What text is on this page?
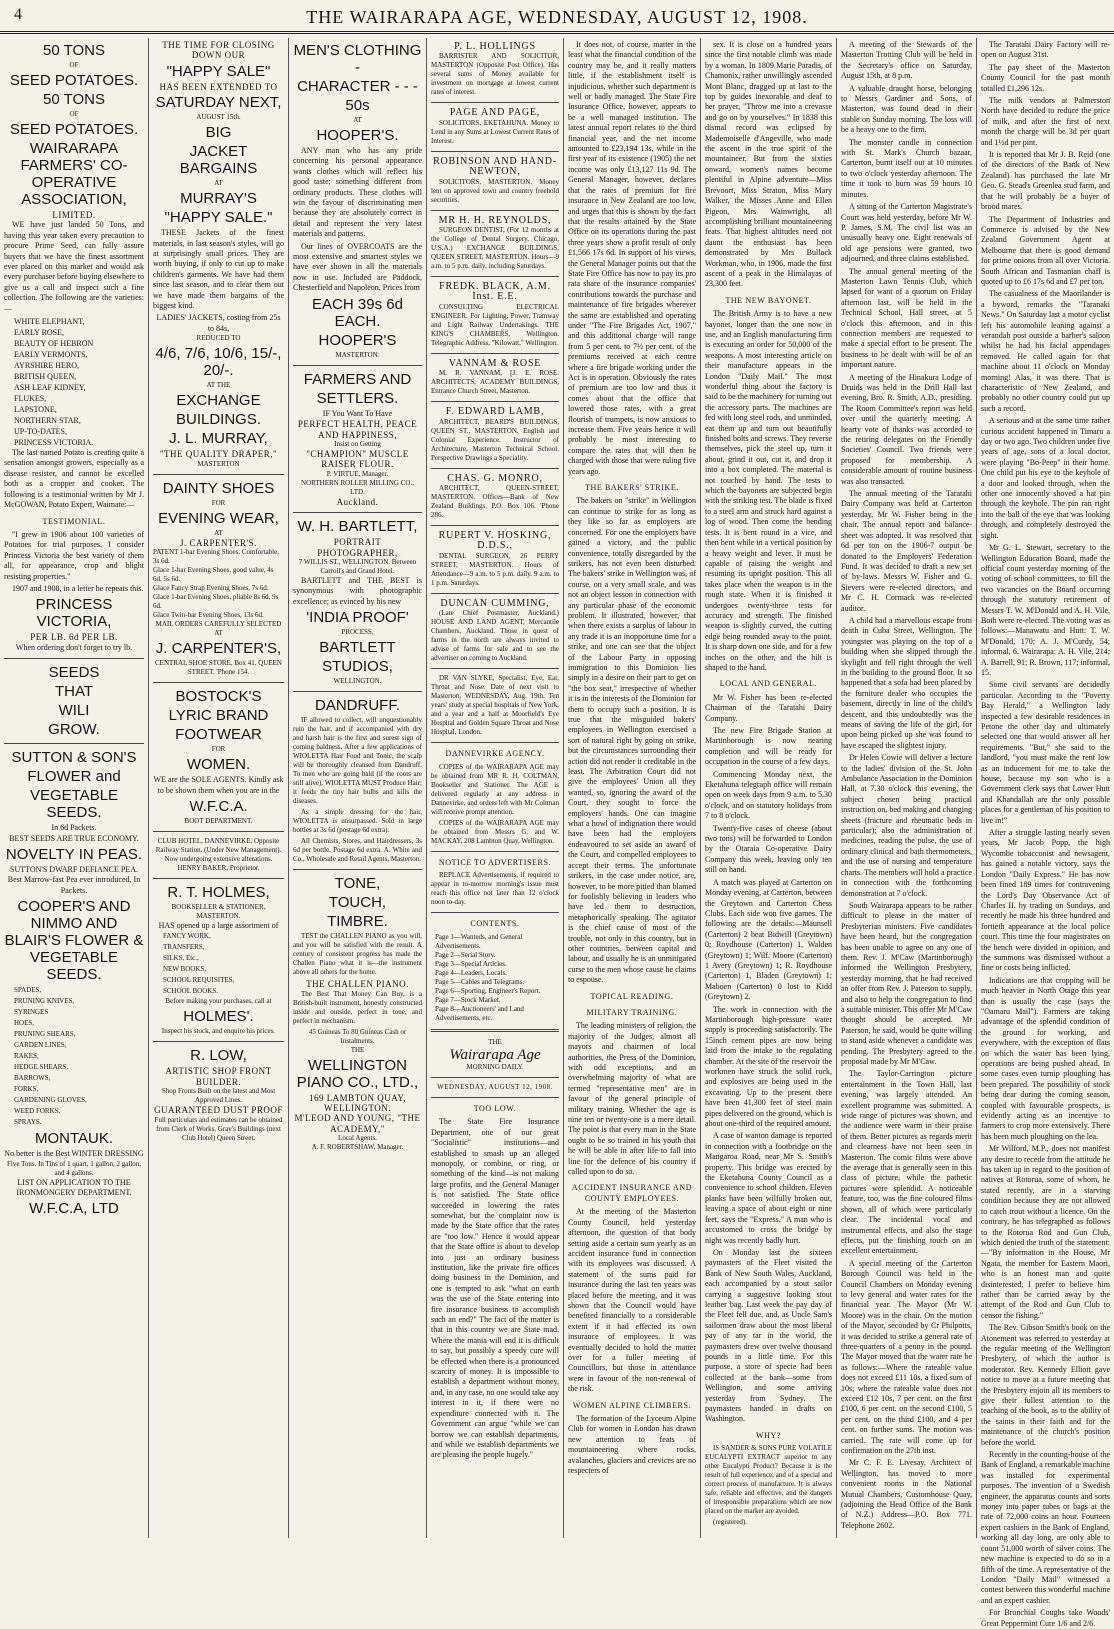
4	THE WAIRARAPA AGE, WEDNESDAY, AUGUST 12, 1908.
50 TONS
OF
SEED POTATOES.
50 TONS
OF
SEED POTATOES.
WAIRARAPA FARMERS' CO-OPERATIVE ASSOCIATION,
LIMITED.

WE have just landed 50 Tons, and having this year taken every precaution to procure Prime Seed, can fully assure buyers that we have the finest assortment ever placed on this market and would ask every purchaser before buying elsewhere to give us a call and inspect such a fine collection. The following are the varieties:—

WHITE ELEPHANT,
EARLY ROSE,
BEAUTY OF HEBRON
EARLY VERMONTS,
AYRSHIRE HERO,
BRITISH QUEEN,
ASH LEAF KIDNEY,
FLUKES,
LAPSTONE,
NORTHERN STAR,
UP-TO-DATES,
PRINCESS VICTORIA.

The last named Potato is creating quite a sensation amongst growers, especially as a disease resister, and cannot be excelled both as a cropper and cooker. The following is a testimonial written by Mr J. McGOWAN, Potato Expert, Waimate:—

TESTIMONIAL.

"I grew in 1906 about 100 varieties of Potatoes for trial purposes. I consider Princess Victoria the best variety of them all, for appearance, crop and blight resisting properties."

1907 and 1908, in a letter he repeats this.

PRINCESS VICTORIA,
PER LB. 6d PER LB.
When ordering don't forget to try lb.
SEEDS
THAT
WILI
GROW.
SUTTON & SON'S
FLOWER and
VEGETABLE SEEDS.
In 6d Packets.
BEST SEEDS ARE TRUE ECONOMY.
NOVELTY IN PEAS.
SUTTON'S DWARF DEFIANCE PEA.
Best Marrow-fast Pea ever introduced, In Packets.
COOPER'S AND NIMMO AND BLAIR'S FLOWER & VEGETABLE SEEDS.
SPADES,
PRUNING KNIVES,
SYRINGES
HOES,
PRUNING SHEARS,
GARDEN LINES,
RAKES,
HEDGE SHEARS,
BARROWS,
FORKS,
GARDENING GLOVES,
WEED FORKS,
SPRAYS.
MONTAUK.
No better is the Best WINTER DRESSING
Five Tons. In Tins of 1 quart, 1 gallon, 2 gallon, and 4 gallons.
LIST ON APPLICATION TO THE IRONMONGERY DEPARTMENT.
W.F.C.A, LTD
THE TIME FOR CLOSING DOWN OUR
"HAPPY SALE"
HAS BEEN EXTENDED TO
SATURDAY NEXT,
AUGUST 15th.
BIG
JACKET BARGAINS
AT
MURRAY'S
"HAPPY SALE."

THESE Jackets of the finest materials, in last season's styles, will go at surprisingly small prices. They are worth buying, if only to cut up to make children's garments. We have had them since last season, and to clear them out we have made them bargains of the biggest kind.

LADIES' JACKETS, costing from 25s to 84s,
REDUCED TO
4/6, 7/6, 10/6, 15/-, 20/-.
AT THE
EXCHANGE
BUILDINGS.
J. L. MURRAY,
"THE QUALITY DRAPER,"
MASTERTON
DAINTY SHOES
FOR
EVENING WEAR,
AT
J. CARPENTER'S.
PATENT 1-bar Evening Shoes, Comfortable, 3s 6d.
Glace 1-bar Evening Shoes, good value, 4s 6d, 5s 6d.
Glace Fancy Strap Evening Shoes, 7s 6d.
Glace 1-bar Evening Shoes, pliable 8s 6d, 9s 6d.
Glace Twin-bar Evening Shoes, 13s 6d.
MAIL ORDERS CAREFULLY SELECTED AT
J. CARPENTER'S,
CENTRAL SHOE STORE, Box 41. QUEEN STREET. 'Phone 154.
BOSTOCK'S
LYRIC BRAND
FOOTWEAR
FOR
WOMEN.
WE are the SOLE AGENTS. Kindly ask to be shown them when you are in the
W.F.C.A.
BOOT DEPARTMENT.
CLUB HOTEL, DANNEVIRKE. Opposite Railway Station. (Under New Management). Now undergoing extensive alterations. HENRY BAKER, Proprietor.
R. T. HOLMES,
BOOKSELLER & STATIONER, MASTERTON.
HAS opened up a large assortment of
FANCY WORK,
TRANSFERS,
SILKS, Etc.,
NEW BOOKS,
SCHOOL REQUISITES,
SCHOOL BOOKS.
Before making your purchases, call at
HOLMES'.
Inspect his stock, and enquire his prices.
R. LOW,
ARTISTIC SHOP FRONT BUILDER.
Shop Fronts Built on the latest and Most Approved Lines.
GUARANTEED DUST PROOF
Full particulars and estimates can be obtained from Clerk of Works, Gray's Buildings (next Club Hotel) Queen Street.
MEN'S CLOTHING -
CHARACTER - - -
50s
AT
HOOPER'S.

ANY man who has any pride concerning his personal appearance wants clothes which will reflect his good taste; something different from ordinary products. These clothes will win the favour of discriminating men because they are absolutely correct in detail and represent the very latest materials and patterns.

Our lines of OVERCOATS are the most extensive and smartest styles we have ever shown in all the materials now in use. Included are Paddock, Chesterfield and Napoleon. Prices from

EACH 39s 6d EACH.
HOOPER'S
MASTERTON.
FARMERS AND
SETTLERS.
IF You Want To Have
PERFECT HEALTH, PEACE AND HAPPINESS,
Insist on Getting
"CHAMPION" MUSCLE RAISER FLOUR.
P. VIRTUE, Manager.
NORTHERN ROLLER MILLING CO., LTD.
Auckland.
W. H. BARTLETT,
PORTRAIT PHOTOGRAPHER,
7 WILLIS ST., WELLINGTON. Between Carroll's and Grand Hotel.

BARTLETT and THE BEST is synonymous with photographic excellence; as evinced by his new

'INDIA PROOF'
PROCESS.
BARTLETT
STUDIOS,
WELLINGTON.
DANDRUFF.

IF allowed to collect, will unquestionably ruin the hair, and if accompanied with dry and harsh hair is the first and surest sign of coming baldness. After a few applications of WIOLETTA Hair Food and Tonic, the scalp will be thoroughly cleansed from Dandruff. To men who are going bald (if the roots are still alive), WIOLETTA MUST Produce Hair; it feeds the tiny hair bulbs and kills the diseases.

As a simple dressing for the hair, WIOLETTA is unsurpassed. Sold in large bottles at 3s 6d (postage 6d extra).

All Chemists, Stores, and Hairdressers, 3s 6d per bottle. Postage 6d extra. A. White and Co., Wholesale and Retail Agents, Masterton.

TONE,
TOUCH,
TIMBRE.

TEST the CHALLEN PIANO as you will, and you will be satisfied with the result. A century of consistent progress has made the Challen Piano what it is—the instrument above all others for the home.

THE CHALLEN PIANO.

The Best That Money Can Buy, is a British-built instrument, honestly constructed inside and outside, perfect in tone, and perfect in mechanism.

45 Guineas To 80 Guineas Cash or Instalments.
THE
WELLINGTON PIANO CO., LTD.,
169 LAMBTON QUAY,
WELLINGTON.
M'LEOD AND YOUNG, "THE ACADEMY,"
Local Agents.
A. F. ROBERTSHAW, Manager.
P. L. HOLLINGS

BARRISTER AND SOLICITOR, MASTERTON (Opposite Post Office). Has several sums of Money available for investment on mortgage at lowest current rates of interest.

PAGE AND PAGE,

SOLICITORS, EKETAHUNA. Money to Lend in any Sums at Lowest Current Rates of Interest.

ROBINSON AND HAND-NEWTON,

SOLICITORS, MASTERTON. Money lent on approved town and country freehold securities.

MR H. H. REYNOLDS,

SURGEON DENTIST, (For 12 months at the College of Dental Surgery, Chicago, U.S.A.) EXCHANGE BUILDINGS, QUEEN STREET, MASTERTON. Hours—9 a.m. to 5 p.m. daily, including Saturdays.

FREDK. BLACK, A.M. Inst. E.E.

CONSULTING ELECTRICAL ENGINEER. For Lighting, Power, Tramway and Light Railway Undertakings. THE KING'S CHAMBERS, Wellington. Telegraphic Address, "Kilowatt," Wellington.

VANNAM & ROSE

M. R. VANNAM, [J. E. ROSE. ARCHITECTS, ACADEMY BUILDINGS, Entrance Church Street, Masterton.

F. EDWARD LAMB,

ARCHITECT, BEARD'S BUILDINGS, QUEEN ST., MASTERTON. English and Colonial Experience. Instructor of Architecture, Masterton Technical School. Perspective Drawings a Speciality.

CHAS. G. MONRO,

ARCHITECT, QUEEN-STREET, MASTERTON. Offices—Bank of New Zealand Buildings. P.O. Box 106. 'Phone 286.

RUPERT V. HOSKING, D.D.S.,

DENTAL SURGEON, 26 PERRY STREET, MASTERTON. Hours of Attendance—9 a.m. to 5 p.m. daily. 9 a.m. to 1 p.m. Saturdays.

DUNCAN CUMMING,

(Late Chief Postmaster, Auckland.) HOUSE AND LAND AGENT, Mercantile Chambers, Auckland. Those in quest of farms in the north are always invited to advise of farms for sale and to see the advertiser on coming to Auckland.

DR VAN SLYKE, Specialist, Eye, Ear, Throat and Nose. Date of next visit to Masterton, WEDNESDAY, Aug. 19th. Ten years' study at special hospitals of New York, and a year and a half at Moorfield's Eye Hospital and Golden Square Throat and Nose Hospital, London.

DANNEVIRKE AGENCY.

COPIES of the WAIRARAPA AGE may be obtained from MR R. H. COLTMAN, Bookseller and Stationer. The AGE is delivered regularly at any address in Dannevirke, and orders left with Mr Coltman will receive prompt attention.

COPIES of the WAIRARAPA AGE may be obtained from Messrs G. and W. MACKAY, 208 Lambton Quay, Wellington.

NOTICE TO ADVERTISERS.

REPLACE Advertisements, if required to appear in to-morrow morning's issue must reach this office not later than 12 o'clock noon to-day.

CONTENTS.
Page 1—Wanteds, and General Advertisements.
Page 2—Serial Story.
Page 3—Special Articles.
Page 4—Leaders, Locals.
Page 5—Cables and Telegrams.
Page 6—Sporting, Engineer's Report.
Page 7—Stock Market.
Page 8—Auctioneers' and Land Advertisements, etc.
THE
Wairarapa Age
MORNING DAILY.
WEDNESDAY, AUGUST 12, 1908.
TOO LOW.

The State Fire Insurance Department, one of our great "Socialistic" institutions—and established to smash up an alleged monopoly, or combine, or ring, or something of the kind—is not making large profits, and the General Manager is not satisfied. The State office succeeded in lowering the rates somewhat, but the complaint now is made by the State office that the rates are "too low." Hence it would appear that the State office is about to develop into just an ordinary business institution, like the private fire offices doing business in the Dominion, and one is tempted to ask "what on earth was the use of the State entering into fire insurance business to accomplish such an end?" The fact of the matter is that in this country we are State mad. Where the mania will end it is difficult to say, but possibly a speedy cure will be effected when there is a pronounced scarcity of money. It is impossible to establish a department without money, and, in any case, no one would take any interest in it, if there were no expenditure connected with it. The Government can argue "while we can borrow we can establish departments, and while we establish departments we are pleasing the people hugely."

It does not, of course, matter in the least what the financial condition of the country may be, and it really matters little, if the establishment itself is injudicious, whether such department is well or badly managed. The State Fire Insurance Office, however, appears to be a well managed institution. The latest annual report relates to the third financial year, and the net income amounted to £23,194 13s, while in the first year of its existence (1905) the net income was only £13,127 11s 9d. The General Manager, however, declares that the rates of premium for fire insurance in New Zealand are too low, and urges that this is shown by the fact that the results attained by the State Office on its operations during the past three years show a profit result of only £1,566 17s 6d. In support of his views, the General Manager points out that the State Fire Office has now to pay its pro rata share of the insurance companies' contributions towards the purchase and maintenance of fire brigades wherever the same are established and operating under "The Fire Brigades Act, 1907," and this additional charge will range from 5 per cent. to 7½ per cent. of the premiums received at each centre where a fire brigade working under the Act is in operation. Obviously the rates of premium are too low and thus it comes about that the office that lowered those rates, with a great flourish of trumpets, is now anxious to increase them. Five years hence it will probably be most interesting to compare the rates that will then be charged with those that were ruling five years ago.

THE BAKERS' STRIKE.

The bakers on "strike" in Wellington can continue to strike for as long as they like so far as employers are concerned. For one the employers have gained a victory, and the public convenience, totally disregarded by the strikers, has not even been disturbed. The bakers' strike in Wellington was, of course, on a very small scale, and was not an object lesson in connection with any particular phase of the economic problem. It illustrated, however, that when there exists a surplus of labour in any trade it is an inopportune time for a strike, and one can see that the object of the Labour Party in opposing immigration to this Dominion lies simply in a desire on their part to get on "the box seat," irrespective of whether it is in the interests of the Dominion for them to occupy such a position. It is true that the misguided bakers' employees in Wellington exercised a sort of natural right by going on strike, but the circumstances surrounding their action did not render it creditable in the least. The Arbitration Court did not give the employees' Union all they wanted, so, ignoring the award of the Court, they sought to force the employers' hands. One can imagine what a howl of indignation there would have been had the employers endeavoured to set aside an award of the Court, and compelled employees to accept their terms. The unfortunate strikers, in the case under notice, are, however, to be more pitied than blamed for foolishly believing in leaders who have led them to destruction, metaphorically speaking. The agitator is the chief cause of most of the trouble, not only in this country, but in other countries, between capital and labour, and usually he is an unmitigated curse to the men whose cause he claims to espouse.

TOPICAL READING.
MILITARY TRAINING.

The leading ministers of religion, the majority of the Judges, almost all mayors and chairmen of local authorities, the Press of the Dominion, with odd exceptions, and an overwhelming majority of what are termed "representative men" are in favour of the general principle of military training. Whether the age is nine ten or twenty-one is a mere detail. The point is that every man in the State ought to be so trained in his youth that he will be able in after life to fall into line for the defence of his country if called upon to do so.

ACCIDENT INSURANCE AND COUNTY EMPLOYEES.

At the meeting of the Masterton County Council, held yesterday afternoon, the question of that body setting aside a certain sum yearly as an accident insurance fund in connection with its employees was discussed. A statement of the sums paid for insurance during the last ten years was placed before the meeting, and it was shown that the Council would have benefited financially to a considerable extent if it had effected its own insurance of employees. It was eventually decided to hold the matter over for a fuller meeting of Councillors, but those in attendance were in favour of the non-renewal of the risk.

WOMEN ALPINE CLIMBERS.

The formation of the Lyceum Alpine Club for women in London has drawn new attention to feats of mountaineering where rocks, avalanches, glaciers and crevices are no respecters of

sex. It is close on a hundred years since the first notable climb was made by a woman. In 1809 Marie Paradis, of Chamonix, rather unwillingly ascended Mont Blanc, dragged up at last to the top by guides inexorable and deaf to her prayer, "Throw me into a crevasse and go on by yourselves." In 1838 this dismal record was eclipsed by Mademoiselle d'Angeville, who made the ascent in the true spirit of the mountaineer. But from the sixties onward, women's names become plentiful in Alpine adventure—Miss Brevoort, Miss Straton, Miss Mary Walker, the Misses Anne and Ellen Pigeon, Mrs Wainwright, all accomplishing brilliant mountaineering feats. That highest altitudes need not daunt the enthusiast has been demonstrated by Mrs Bullock Workman, who, in 1906, made the first ascent of a peak in the Himalayas of 23,300 feet.

THE NEW BAYONET.

The British Army is to have a new bayonet, longer than the one now in use, and an English manufacturing firm is executing an order for 50,000 of the weapons. A most interesting article on their manufacture appears in the London "Daily Mail." The most wonderful thing about the factory is said to be the machinery for turning out the accessory parts. The machines are fed with long steel rods, and unminded, eat them up and turn out beautifully finished bolts and screws. They reverse themselves, pick the steel up, turn it about, grind it out, cut it, and drop it into a box completed. The material is not touched by hand. The tests to which the bayonets are subjected begin with the striking test. The blade is fixed to a steel arm and struck hard against a log of wood. Then come the bending tests. It is bent round in a vice, and then bent while in a vertical position by a heavy weight and lever. It must be capable of raising the weight and resuming its upright position. This all takes place when the weapon is in the rough state. When it is finished it undergoes twenty-three tests for accuracy and strength. The finished weapon is slightly curved, the cutting edge being rounded away to the point. It is sharp down one side, and for a few inches on the other, and the hilt is shaped to the hand.

LOCAL AND GENERAL.

Mr W. Fisher has been re-elected Chairman of the Taratahi Dairy Company.

The new Fire Brigade Station at Martinborough is now nearing completion and will be ready for occupation in the course of a few days.

Commencing Monday next, the Eketahuna telegraph office will remain open on week days from 9 a.m. to 5.30 o'clock, and on statutory holidays from 7 to 8 o'clock.

Twenty-five cases of cheese (about two tons) will be forwarded to London by the Otaraia Co-operative Dairy Company this week, leaving only ten still on hand.

A match was played at Carterton on Monday evening, at Carterton, between the Greytown and Carterton Chess Clubs. Each side won five games. The following are the details:—Maunsell (Carterton) 2 beat Bidwill (Greytown) 0; Roydhouse (Carterton) 1, Walden (Greytown) 1; Wilf. Moore (Carterton) 1 Avery (Greytown) 1; R. Roydhouse (Carterton) 1, Bladen (Greytown) 1; Maboen (Carterton) 0 lost to Kidd (Greytown) 2.

The work in connection with the Martinborough high-pressure water supply is proceeding satisfactorily. The 15inch cement pipes are now being laid from the intake to the regulating chamber. At the site of the reservoir the workmen have struck the solid rock, and explosives are being used in the excavating. Up to the present there have been 41,300 feet of steel main pipes delivered on the ground, which is about one-third of the required amount.

A case of wanton damage is reported in connection with a footbridge on the Mangaroa Road, near Mr S. Smith's property. This bridge was erected by the Eketahuna County Council as a convenience to school children. Eleven planks have been wilfully broken out, leaving a space of about eight or nine feet, says the "Express." A man who is accustomed to cross the bridge by night was recently badly hurt.

On Monday last the sixteen paymasters of the Fleet visited the Bank of New South Wales, Auckland, each accompanied by a stout sailor carrying a suggestive looking stout leather bag. Last week the pay day of the Fleet fell due, and, as Uncle Sam's sailormen draw about the most liberal pay of any tar in the world, the paymasters drew over twelve thousand pounds in a little time. For this purpose, a store of specie had been collected at the bank—some from Wellington, and some arriving yesterday from Sydney. The paymasters handed in drafts on Washington.

WHY?

IS SANDER & SONS PURE VOLATILE EUCALYPTI EXTRACT superior to any other Eucalypti Product? Because it is the result of full experience, and of a special and correct process of manufacture. It is always safe, reliable and effective, and the dangers of irresponsible preparations which are now placed on the market are avoided.

(registered).

A meeting of the Stewards of the Masterton Trotting Club will be held in the Secretary's office on Saturday, August 15th, at 8 p.m.

A valuable draught horse, belonging to Messrs Gardiner and Sons, of Masterton, was found dead in their stable on Sunday morning. The loss will be a heavy one to the firm.

The monster candle in connection with St. Mark's Church bazaar, Carterton, burnt itself out at 10 minutes to two o'clock yesterday afternoon. The time it took to burn was 59 hours 10 minutes.

A sitting of the Carterton Magistrate's Court was held yesterday, before Mr W. P. James, S.M. The civil list was an unusually heavy one. Eight renewals of old age pensions were granted, two adjourned, and three claims established.

The annual general meeting of the Masterton Lawn Tennis Club, which lapsed for want of a quorum on Friday afternoon last, will be held in the Technical School, Hall street, at 5 o'clock this afternoon, and in this connection members are requested to make a special effort to be present. The business to be dealt with will be of an important nature.

A meeting of the Hinakura Lodge of Druids was held in the Drill Hall last evening, Bro. R. Smith, A.D., presiding. The Room Committee's report was held over until the quarterly meeting. A hearty vote of thanks was accorded to the retiring delegates on the Friendly Societies' Council. Two friends were proposed for membership. A considerable amount of routine business was also transacted.

The annual meeting of the Taratahi Dairy Company was held at Carterton yesterday, Mr W. Fisher being in the chair. The annual report and balance-sheet was adopted. It was resolved that 6d per ton on the 1906-7 output be donated to the Employers' Federation Fund. It was decided to draft a new set of by-laws. Messrs W. Fisher and G. Sievers were re-elected directors, and Mr C. H. Cormack was re-elected auditor.

A child had a marvellous escape from death in Cuba Street, Wellington. The youngster was playing on the top of a building when she slipped through the skylight and fell right through the well in the building to the ground floor. It so happened that a sofa had been placed by the furniture dealer who occupies the basement, directly in line of the child's descent, and this undoubtedly was the means of saving the life of the girl, for upon being picked up she was found to have escaped the slightest injury.

Dr Helen Cowie will deliver a lecture to the ladies' division of the St. John Ambulance Association in the Dominion Hall, at 7.30 o'clock this evening, the subject chosen being practical instruction on, bed making and changing sheets (fracture and rheumatic beds in particular); also the administration of medicines, reading the pulse, the use of ordinary clinical and bath thermometers, and the use of nursing and temperature charts. The members will hold a practice in connection with the forthcoming demonstration at 7 o'clock.

South Wairarapa appears to be rather difficult to please in the matter of Presbyterian ministers. Five candidates have been heard, but the congregation has been unable to agree on any one of them. Rev. J. M'Caw (Martinborough) informed the Wellington Presbytery, yesterday morning, that he had received an offer from Rev. J. Paterson to supply, and also to help the congregation to find a suitable minister. This offer Mr M'Caw thought should be accepted. Mr Paterson, he said, would be quite willing to stand aside whenever a candidate was pending. The Presbytery agreed to the proposal made by Mr M'Caw.

The Taylor-Carrington picture entertainment in the Town Hall, last evening, was largely attended. An excellent programme was submitted. A wide range of pictures was shown, and the audience were warm in their praise of them. Better pictures as regards merit and clearness have not been seen in Masterton. The comic films were above the average that is generally seen in this class of picture, while the pathetic pictures were splendid. A noticeable feature, too, was the fine coloured films shown, all of which were particularly clear. The incidental vocal and instrumental effects, and also the stage effects, put the finishing touch on an excellent entertainment.

A special meeting of the Carterton Borough Council was held in the Council Chambers on Monday evening to levy general and water rates for the financial year. The Mayor (Mr W. Moore) was in the chair. On the motion of the Mayor, seconded by Cr Philpotts, it was decided to strike a general rate of three-quarters of a penny in the pound. The Mayor moved that the water rate be as follows:—Where the rateable value does not exceed £11 10s, a fixed sum of 10s; where the rateable value does not exceed £12 10s, 7 per cent. on the first £100, 6 per cent. on the second £100, 5 per cent. on the third £100, and 4 per cent. on further sums. The motion was carried. The rate will come up for confirmation on the 27th inst.

Mr C. F. E. Livesay, Architect of Wellington, has moved to more convenient rooms in the National Mutual Chambers, Customhouse Quay, (adjoining the Head Office of the Bank of N.Z.) Address—P.O. Box 771. Telephone 2602.

The Taratahi Dairy Factory will re-open on August 31st.

The pay sheet of the Masterton County Council for the past month totalled £1,296 12s.

The milk vendors at Palmerston North have decided to reduce the price of milk, and after the first of next month the charge will be 3d per quart and 1½d per pint.

It is reported that Mr J. B. Reid (one of the directors of the Bank of New Zealand) has purchased the late Mr Geo. G. Stead's Greenlea stud farm, and that he will probably be a buyer of brood mares.

The Department of Industries and Commerce is advised by the New Zealand Government Agent at Melbourne that there is good demand for prime onions from all over Victoria. South African and Tasmanian chaff is quoted up to £6 17s 6d and £7 per ton.

The casualness of the Maorilander is a byword, remarks the "Taranaki News." On Saturday last a motor cyclist left his automobile leaning against a verandah post outside a barber's saloon whilst he had his facial appendages removed. He called again for that machine about 11 o'clock on Monday morning! Alas, it was there. That is characteristic of New Zealand, and probably no other country could put up such a record.

A serious and at the same time rather curious accident happened in Timaru a day or two ago. Two children under five years of age, sons of a local doctor, were playing "Bo-Peep" in their home. One child put his eye to the keyhole of a door and looked through, when the other one innocently shoved a hat pin through the keyhole. The pin ran right into the ball of the eye that was looking through, and completely destroyed the sight.

Mr G. L. Stewart, secretary to the Wellington Education Board, made the official count yesterday morning of the voting of school committees, to fill the two vacancies on the Board occurring through the statutory retirement of Messrs T. W. M'Donald and A. H. Vile. Both were re-elected. The voting was as follows:—Manawatu and Hutt: T. W. M'Donald, 170; A. J. M'Curdy, 54; informal, 6. Wairarapa: A. H. Vile, 214; A. Barrell, 91; R. Brown, 117; informal, 15.

Some civil servants are decidedly particular. According to the "Poverty Bay Herald," a Wellington lady inspected a few desirable residences in Petone the other day and ultimately selected one that would answer all her requirements. "But," she said to the landlord, "you must make the rent low as an inducement for me to take the house, because my son who is a Government clerk says that Lower Hutt and Khandallah are the only possible places for a gentleman of his position to live in!"

After a struggle lasting nearly seven years, Mr Jacob Popp, the high Wycombe tobacconist and newsagent, has gained a notable victory, says the London "Daily Express." He has now been fined 189 times for contravening the Lord's Day Observance Act of Charles II. by trading on Sundays, and recently he made his three hundred and fortieth appearance at the local police court. This time the four magistrates on the bench were divided in opinion, and the summons was dismissed without a fine or costs being inflicted.

Indications are that cropping will be much heavier in North Otago this year than is usually the case (says the "Oamaru Mail"). Farmers are taking advantage of the splendid condition of the ground for working, and everywhere, with the exception of flats on which the water has been lying, operations are being pushed ahead. In some cases even turnip ploughing has been prepared. The possibility of stock being dear during the coming season, coupled with favourable prospects, is evidently acting as an incentive to farmers to crop more extensively. There has been much ploughing on the lea.

Mr Wilford, M.P., does not manifest any desire to recede from the attitude he has taken up in regard to the position of natives at Rotorua, some of whom, he stated recently, are in a starving condition because they are not allowed to catch trout without a licence. On the contrary, he has telegraphed as follows to the Rotorua Rod and Gun Club, which denied the truth of the statement:—"By information in the House, Mr Ngata, the member for Eastern Maori, who is an honest man and quite disinterested, I prefer to believe him rather than be carried away by the attempt of the Rod and Gun Club to censor the fishing."

The Rev. Gibson Smith's book on the Atonement was referred to yesterday at the regular meeting of the Wellington Presbytery, of which the author is moderator. Rev. Kennedy Elliott gave notice to move at a future meeting that the Presbytery enjoin all its members to give their fullest attention to the teaching of the book, as to the ability of the saints in their faith and for the maintenance of the church's position before the world.

Recently in the counting-house of the Bank of England, a remarkable machine was installed for experimental purposes. The invention of a Swedish engineer, the apparatus counts and sorts money into paper tubes or bags at the rate of 72,000 coins an hour. Fourteen expert cashiers in the Bank of England, working all day long, are only able to count 51,000 worth of silver coins. The new machine is expected to do so in a fifth of the time. A representative of the London "Daily Mail" witnessed a contest between this wonderful machine and an expert cashier.

For Bronchial Coughs take Woods' Great Peppermint Cure 1/6 and 2/6.
